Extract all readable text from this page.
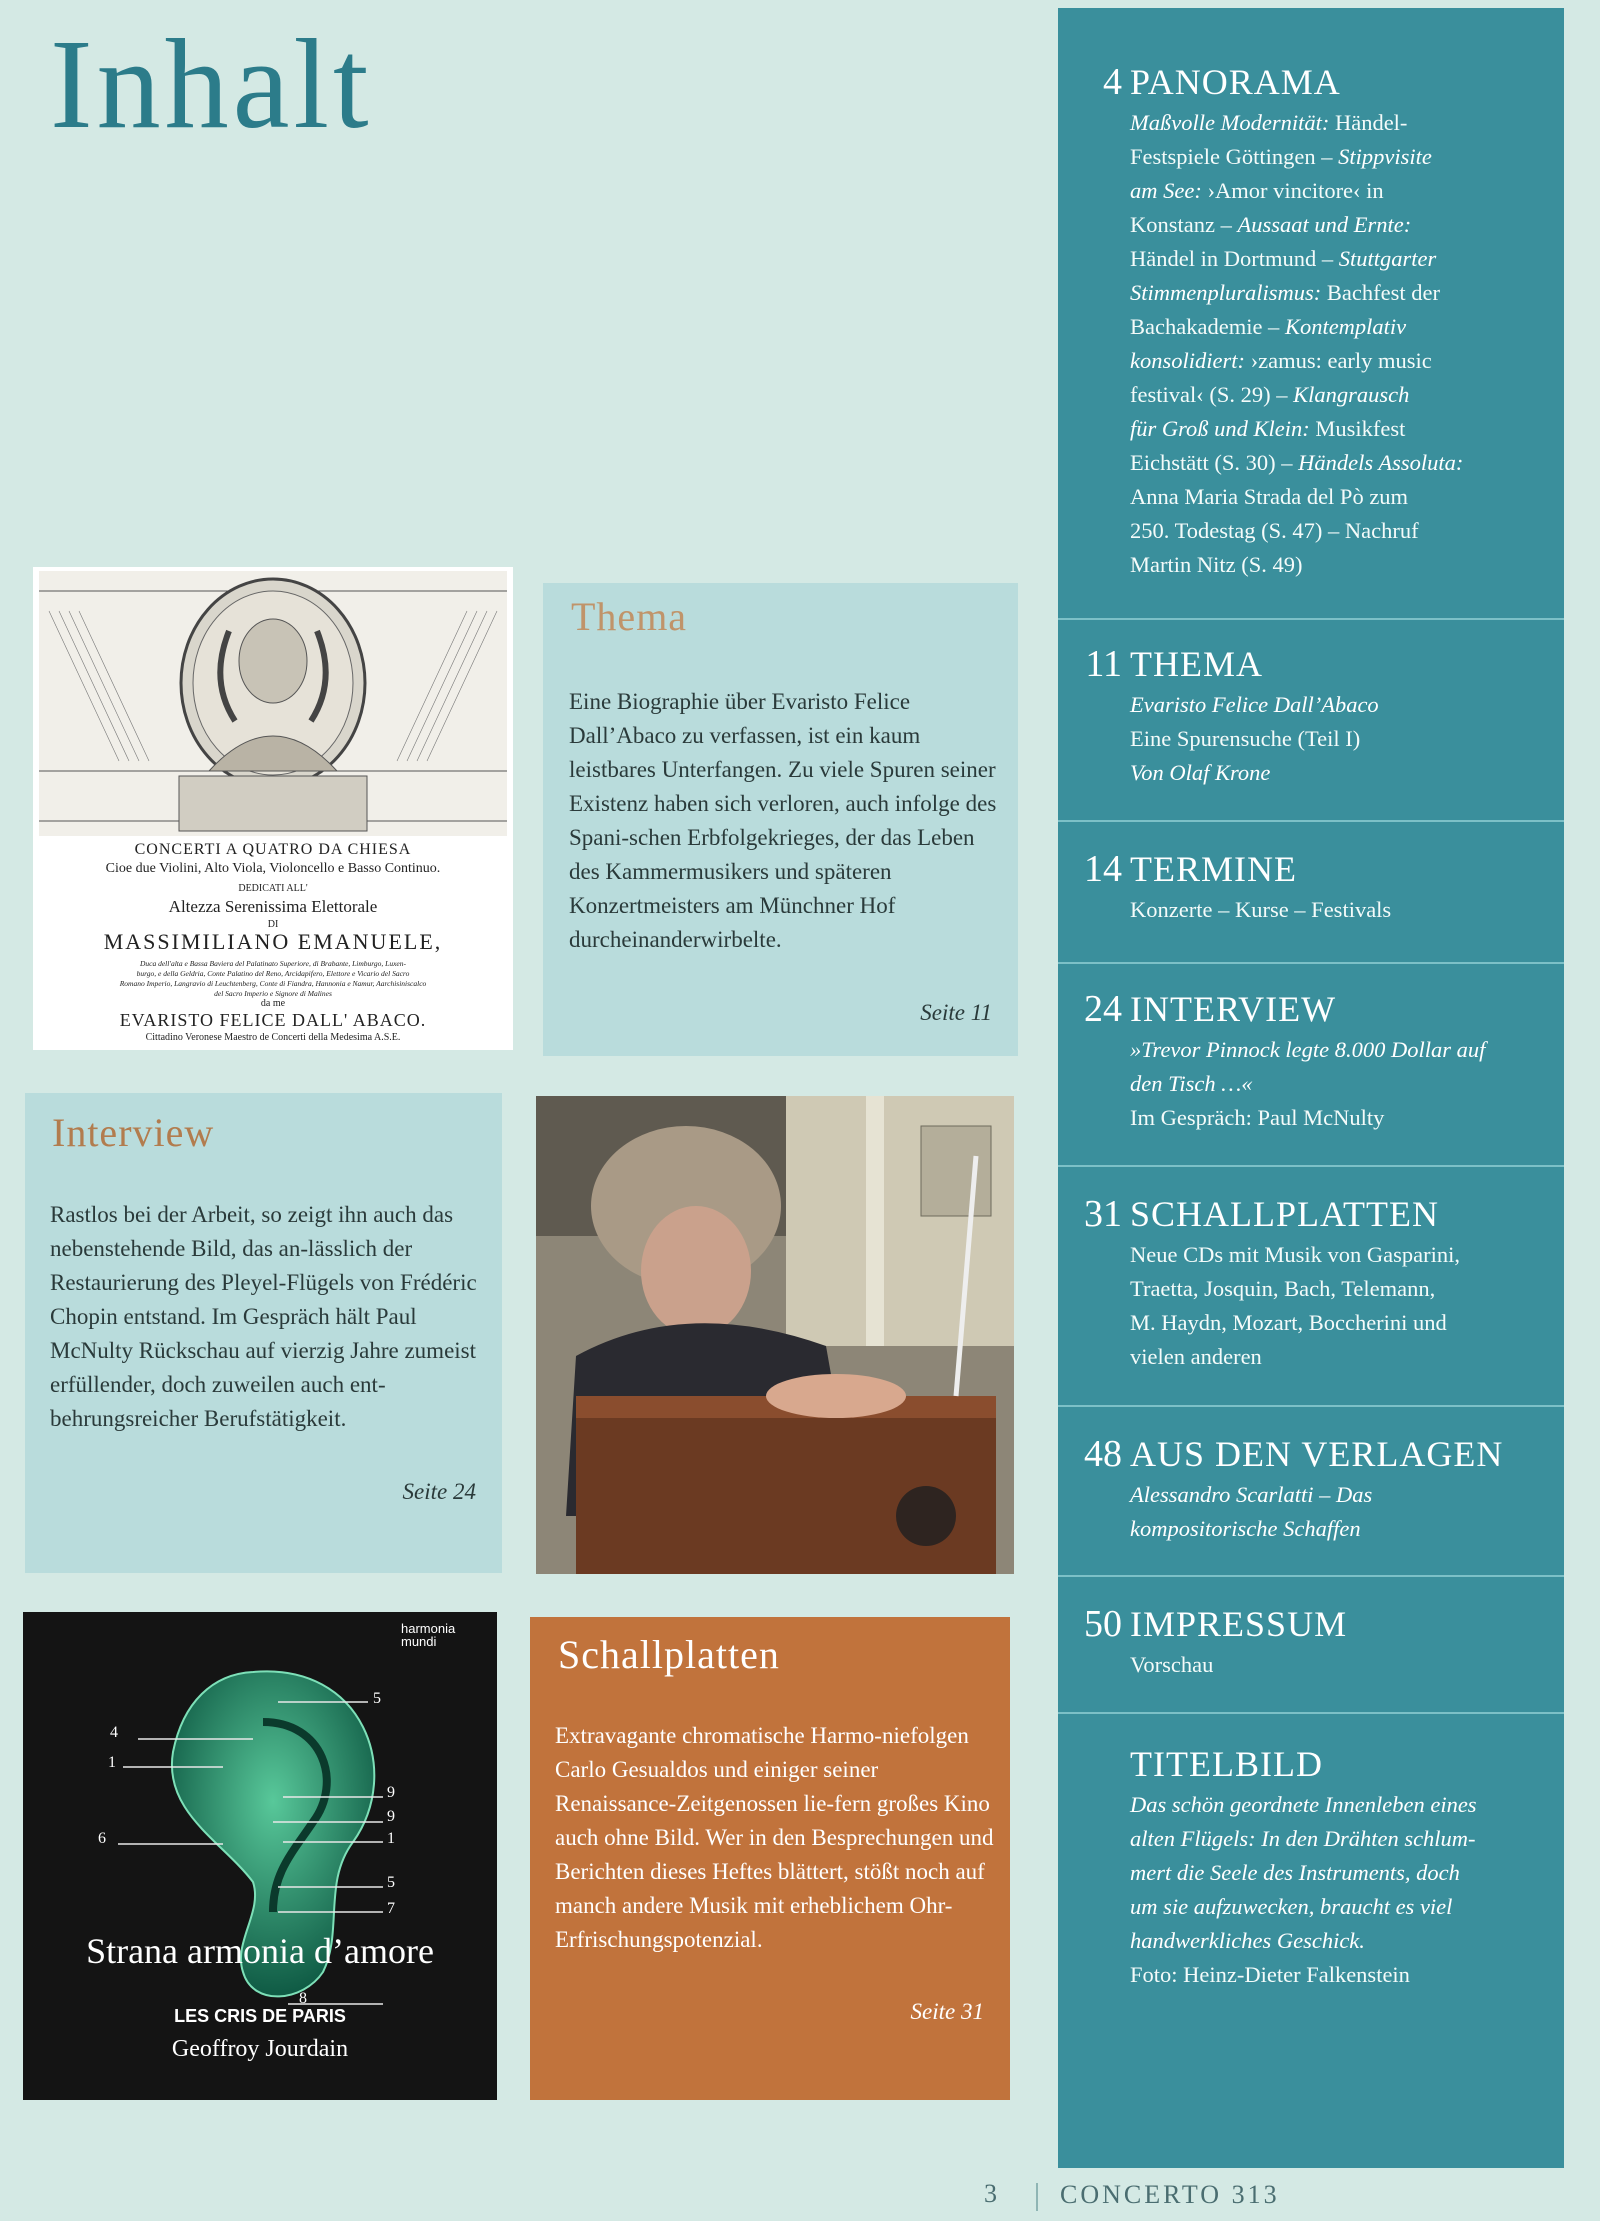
Inhalt	4 PANORAMA
Maßvolle Modernität: Händel-
Festspiele Göttingen – Stippvisite
am See: ›Amor vincitore‹ in
Konstanz – Aussaat und Ernte:
Händel in Dortmund – Stuttgarter
Stimmenpluralismus: Bachfest der
Bachakademie – Kontemplativ
konsolidiert: ›zamus: early music
festival‹ (S. 29) – Klangrausch
für Groß und Klein: Musikfest
Eichstätt (S. 30) – Händels Assoluta:
Anna Maria Strada del Pò zum
250. Todestag (S. 47) – Nachruf
Martin Nitz (S. 49)
11 THEMA
Evaristo Felice Dall’Abaco
Eine Spurensuche (Teil I)
Von Olaf Krone
14 TERMINE
Konzerte – Kurse – Festivals
24 INTERVIEW
»Trevor Pinnock legte 8.000 Dollar auf
den Tisch …«
Im Gespräch: Paul McNulty
31 SCHALLPLATTEN
Neue CDs mit Musik von Gasparini,
Traetta, Josquin, Bach, Telemann,
M. Haydn, Mozart, Boccherini und
vielen anderen
48 AUS DEN VERLAGEN
Alessandro Scarlatti – Das
kompositorische Schaffen
50 IMPRESSUM
Vorschau
TITELBILD
Das schön geordnete Innenleben eines
alten Flügels: In den Drähten schlum-
mert die Seele des Instruments, doch
um sie aufzuwecken, braucht es viel
handwerkliches Geschick.
Foto: Heinz-Dieter Falkenstein
CONCERTI A QUATRO DA CHIESA
Cioe due Violini, Alto Viola, Violoncello e Basso Continuo.
DEDICATI ALL'
Altezza Serenissima Elettorale
DI
MASSIMILIANO EMANUELE,
Duca dell'alta e Bassa Baviera del Palatinato Superiore, di Brabante, Limburgo, Luxen-
burgo, e della Geldria, Conte Palatino del Reno, Arcidapifero, Elettore e Vicario del Sacro
Romano Imperio, Langravio di Leuchtenberg, Conte di Fiandra, Hannonia e Namur, Aarchisiniscalco
del Sacro Imperio e Signore di Malines
da me
EVARISTO FELICE DALL' ABACO.
Cittadino Veronese Maestro de Concerti della Medesima A.S.E.
Thema
Eine Biographie über Evaristo Felice Dall’Abaco zu verfassen, ist ein kaum leistbares Unterfangen. Zu viele Spuren seiner Existenz haben sich verloren, auch infolge des Spani-schen Erbfolgekrieges, der das Leben des Kammermusikers und späteren Konzertmeisters am Münchner Hof durcheinanderwirbelte.
Seite 11
Interview
Rastlos bei der Arbeit, so zeigt ihn auch das nebenstehende Bild, das an-lässlich der Restaurierung des Pleyel-Flügels von Frédéric Chopin entstand. Im Gespräch hält Paul McNulty Rückschau auf vierzig Jahre zumeist erfüllender, doch zuweilen auch ent-behrungsreicher Berufstätigkeit.
Seite 24
harmonia mundi
4
1
5
6
9
9
1
5
7
8
Strana armonia d’amore
LES CRIS DE PARIS
Geoffroy Jourdain
Schallplatten
Extravagante chromatische Harmo-niefolgen Carlo Gesualdos und einiger seiner Renaissance-Zeitgenossen lie-fern großes Kino auch ohne Bild. Wer in den Besprechungen und Berichten dieses Heftes blättert, stößt noch auf manch andere Musik mit erheblichem Ohr-Erfrischungspotenzial.
Seite 31
3 CONCERTO 313
